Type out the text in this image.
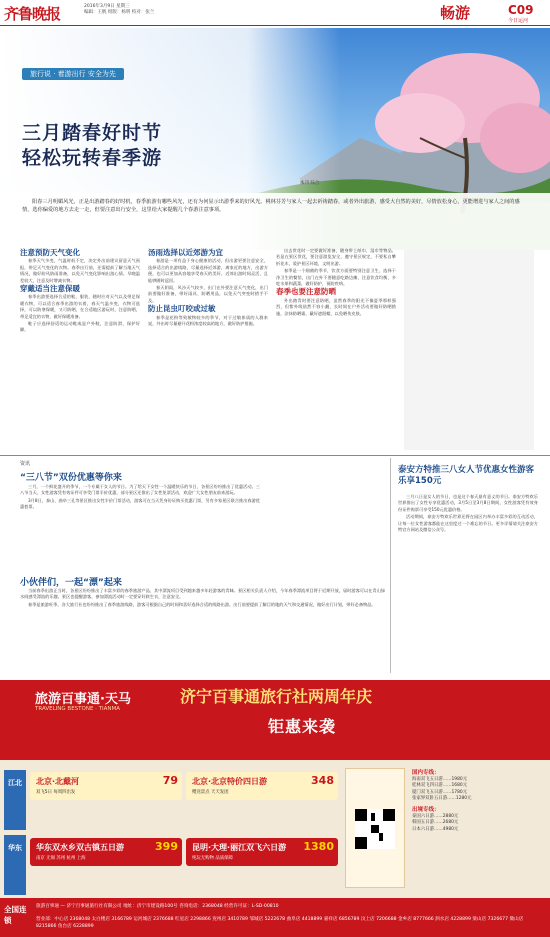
齐鲁晚报	2016年3月9日 星期三
编辑：王帆 组版：杨明 校对：张兰	畅游	C09
今日运河
旅行说 · 着游出行 安全为先
三月踏春好时节
轻松玩转春季游
本刊 综合
阳春三月明媚风光，正是出游踏春的好时机，春季旅游有哪些风光，还有为何显示出游季来的好风光。桃林芬芳与家人一起去祈祷踏春，或者外出旅游，感受大自然的美好，尽情放松身心，更能增进与家人之间的感情，选你偏爱的地方去走一走，但要注意出行安全，这里给大家提醒几个春游注意事项。
注意预防天气变化

春季天气多变，气温时低不定，决定外出前建议留意天气预报，带足天气变化的衣物。春季出行前，还需提前了解当地天气情况，做好防风防雨准备，以免天气变化影响出游心情。早晚温差较大，注意及时增减衣物。

穿戴适当注意保暖

春季出游要选择合适的鞋，服装，随时应对天气以及带足保暖衣物，可以适合春季出游的衣着，春天气温多变，衣物可选择，可以防寒保暖，又可防晒，在合适地区游玩时，注意防晒，带足适宜的衣物，做好保暖准备。

鞋子应选择舒适的运动鞋或是户外鞋，注意防滑，保护好脚。

汤雨选择以近郊游为宜

春游是一项有益于身心健康的活动，但出游更要注意安全，选择适合的出游线路，尽量选择近郊游，离家近的地方，出游方便，也可以更加从容地享受春天的美好。近郊出游时间灵活，且能够随时返回。

春天阴雨，风沙天气较多，出门在外要注意天气变化，出门前要做好准备，带好雨具、防晒用品，以免天气突变时措手不及。

防止昆虫叮咬或过敏

春季是花粉等致敏物较多的季节，对于过敏体质的人群来说，外出时尽量避开花粉浓度较高的地方，做好防护措施。

出去赏花时一定要做好准备，随身带上纸巾、湿巾等物品。若是在景区赏花，要注意游览安全，遵守景区规定，不要私自攀折花木，爱护景区环境，文明出游。

春季是一个细菌的季节，饮食方面要特别注意卫生，选择干净卫生的餐馆，出门在外不要随意吃路边摊，注意饮食均衡，多吃水果和蔬菜，做好防护，预防疾病。

春季也要注意防晒

外出踏青时要注意防晒，虽然春季的阳光不像夏季那样强烈，但紫外线依然不容小觑，长时间在户外活动要做好防晒措施，涂抹防晒霜，戴好遮阳帽，以免晒伤皮肤。

资讯
“三八节”双份优惠等你来

三月，一个鲜花盛开的季节，一个专属于女人的节日。为了给天下女性一个温暖快乐的节日，各景区纷纷推出了优惠活动。三八节当天，女性游客凭有效证件可享受门票半价优惠，部分景区还推出了女性免票活动，欢迎广大女性朋友前来游玩。

3月8日，泰山、曲阜三孔等景区推出女性半价门票活动，游客可在当天凭身份证购买优惠门票，另有多家景区联合推出春游优惠套票。

小伙伴们，一起“漂”起来

当前春季出游正当时，各景区纷纷推出了丰富多彩的春季旅游产品，其中漂流项目受到越来越多年轻游客的青睐。景区相关负责人介绍，今年春季漂流项目将于近期开放，届时游客可以在青山绿水间感受漂流的乐趣。景区也提醒游客，参加漂流活动时一定要穿好救生衣，注意安全。

春季是旅游旺季，各大旅行社也纷纷推出了春季旅游线路，游客可根据自己的时间和喜好选择合适的线路出游。出行前要提前了解目的地的天气和交通情况，做好出行计划，带好必备物品。

泰安方特推三八女人节优惠女性游客乐享150元

三月八日是女人的节日，也是这个春天最有意义的节日。泰安方特欢乐世界推出了女性专享优惠活动，3月5日至3月8日期间，女性游客凭有效身份证件购票可享受150元优惠价格。

活动期间，泰安方特欢乐世界还将在园区内举办丰富多彩的互动活动，让每一位女性游客都能在这里度过一个难忘的节日。更多详情请关注泰安方特官方网站及微信公众号。

旅游百事通·天马
TRAVELING BESTONE · TIANMA
济宁百事通旅行社两周年庆
钜惠来袭
江北
华东
北京·北戴河
双飞5日 每周四出发
79 北京·北京特价四日游
赠送景点 天天发团
348
华东双水乡双古镇五日游
南京 无锡 苏州 杭州 上海
399 昆明·大理·丽江双飞六日游
纯玩无购物 品质保障
1380
国内专线：
海南双飞五日游……1980元
桂林双飞四日游……1680元
厦门双飞五日游……1780元
张家界双卧五日游……1280元
出境专线：
泰国六日游……2880元
韩国五日游……2680元
日本六日游……4980元
全国连锁
旅游百事通 — 济宁百事通旅行社有限公司 地址：济宁市建设路100号 咨询电话：2368048 经营许可证：L-SD-00810
营业部：中心店 2368048 太白楼店 3166789 运河城店 2376688 红星店 2298866 兖州店 3410789 邹城店 5222678 曲阜店 4418899 嘉祥店 6856789 汶上店 7206688 金乡店 8777666 泗水店 4228899 梁山店 7326677 微山店 8215866 鱼台店 6228899
